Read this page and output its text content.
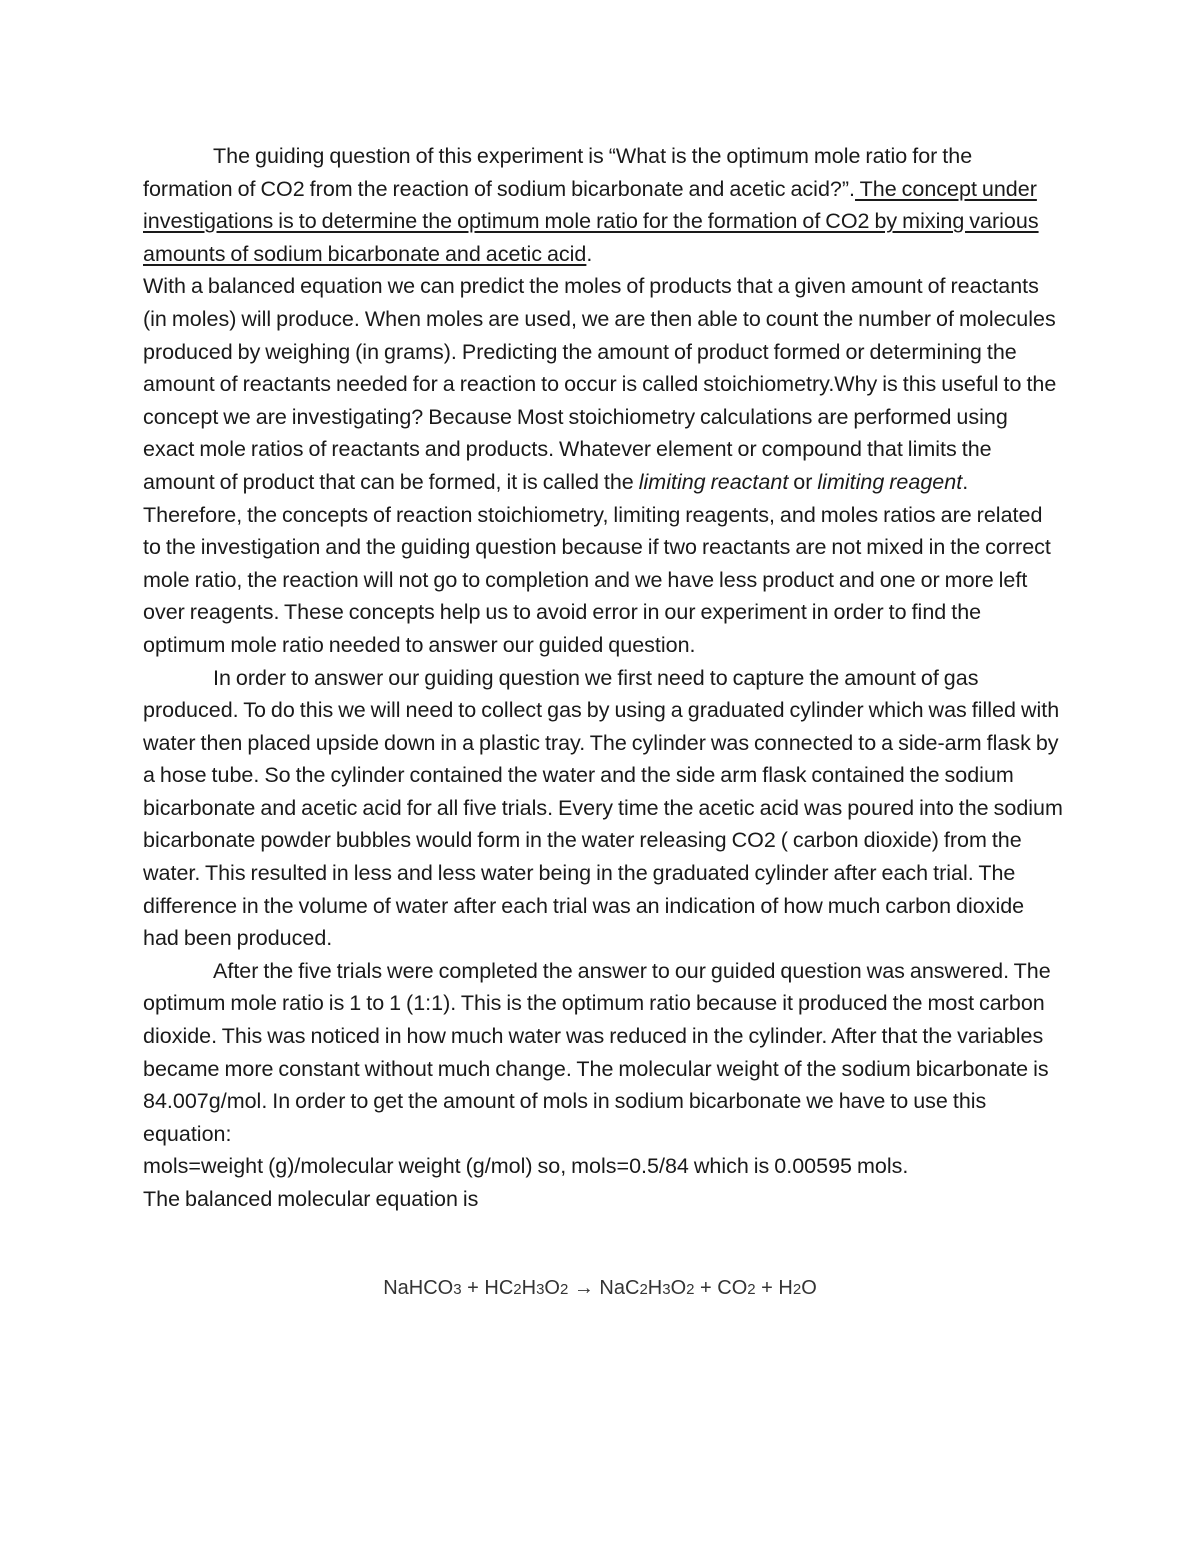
The guiding question of this experiment is “What is the optimum mole ratio for the formation of CO2 from the reaction of sodium bicarbonate and acetic acid?”. The concept under investigations is to determine the optimum mole ratio for the formation of CO2 by mixing various amounts of sodium bicarbonate and acetic acid.

With a balanced equation we can predict the moles of products that a given amount of reactants (in moles) will produce. When moles are used, we are then able to count the number of molecules produced by weighing (in grams). Predicting the amount of product formed or determining the amount of reactants needed for a reaction to occur is called stoichiometry.Why is this useful to the concept we are investigating? Because Most stoichiometry calculations are performed using exact mole ratios of reactants and products. Whatever element or compound that limits the amount of product that can be formed, it is called the limiting reactant or limiting reagent.

Therefore, the concepts of reaction stoichiometry, limiting reagents, and moles ratios are related to the investigation and the guiding question because if two reactants are not mixed in the correct mole ratio, the reaction will not go to completion and we have less product and one or more left over reagents. These concepts help us to avoid error in our experiment in order to find the optimum mole ratio needed to answer our guided question.

In order to answer our guiding question we first need to capture the amount of gas produced. To do this we will need to collect gas by using a graduated cylinder which was filled with water then placed upside down in a plastic tray. The cylinder was connected to a side-arm flask by a hose tube. So the cylinder contained the water and the side arm flask contained the sodium bicarbonate and acetic acid for all five trials. Every time the acetic acid was poured into the sodium bicarbonate powder bubbles would form in the water releasing CO2 ( carbon dioxide) from the water. This resulted in less and less water being in the graduated cylinder after each trial. The difference in the volume of water after each trial was an indication of how much carbon dioxide had been produced.

After the five trials were completed the answer to our guided question was answered. The optimum mole ratio is 1 to 1 (1:1). This is the optimum ratio because it produced the most carbon dioxide. This was noticed in how much water was reduced in the cylinder. After that the variables became more constant without much change. The molecular weight of the sodium bicarbonate is 84.007g/mol. In order to get the amount of mols in sodium bicarbonate we have to use this equation:

mols=weight (g)/molecular weight (g/mol) so, mols=0.5/84 which is 0.00595 mols.

The balanced molecular equation is

NaHCO3 + HC2H3O2 → NaC2H3O2 + CO2 + H2O
